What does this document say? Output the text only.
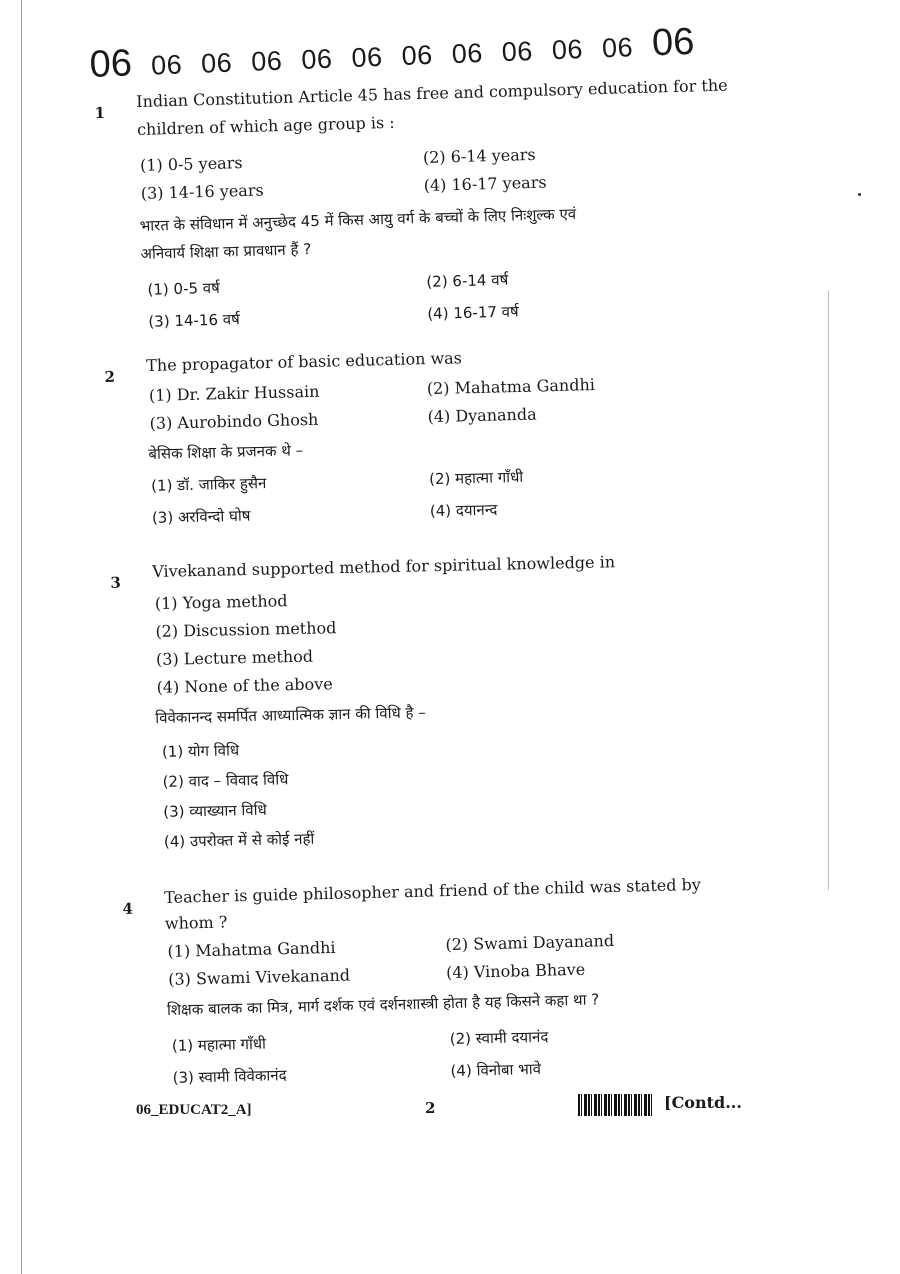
06 06 06 06 06 06 06 06 06 06 06 06
1
Indian Constitution Article 45 has free and compulsory education for the
children of which age group is :
(1) 0-5 years	(2) 6-14 years
(3) 14-16 years	(4) 16-17 years
भारत के संविधान में अनुच्छेद 45 में किस आयु वर्ग के बच्चों के लिए निःशुल्क एवं
अनिवार्य शिक्षा का प्रावधान हैं ?
(1) 0-5 वर्ष	(2) 6-14 वर्ष
(3) 14-16 वर्ष	(4) 16-17 वर्ष
2
The propagator of basic education was
(1) Dr. Zakir Hussain	(2) Mahatma Gandhi
(3) Aurobindo Ghosh	(4) Dyananda
बेसिक शिक्षा के प्रजनक थे –
(1) डॉ. जाकिर हुसैन	(2) महात्मा गाँधी
(3) अरविन्दो घोष	(4) दयानन्द
3
Vivekanand supported method for spiritual knowledge in
(1) Yoga method
(2) Discussion method
(3) Lecture method
(4) None of the above
विवेकानन्द समर्पित आध्यात्मिक ज्ञान की विधि है –
(1) योग विधि
(2) वाद – विवाद विधि
(3) व्याख्यान विधि
(4) उपरोक्त में से कोई नहीं
4
Teacher is guide philosopher and friend of the child was stated by
whom ?
(1) Mahatma Gandhi	(2) Swami Dayanand
(3) Swami Vivekanand	(4) Vinoba Bhave
शिक्षक बालक का मित्र, मार्ग दर्शक एवं दर्शनशास्त्री होता है यह किसने कहा था ?
(1) महात्मा गाँधी	(2) स्वामी दयानंद
(3) स्वामी विवेकानंद	(4) विनोबा भावे
06_EDUCAT2_A]	2	[Contd...
